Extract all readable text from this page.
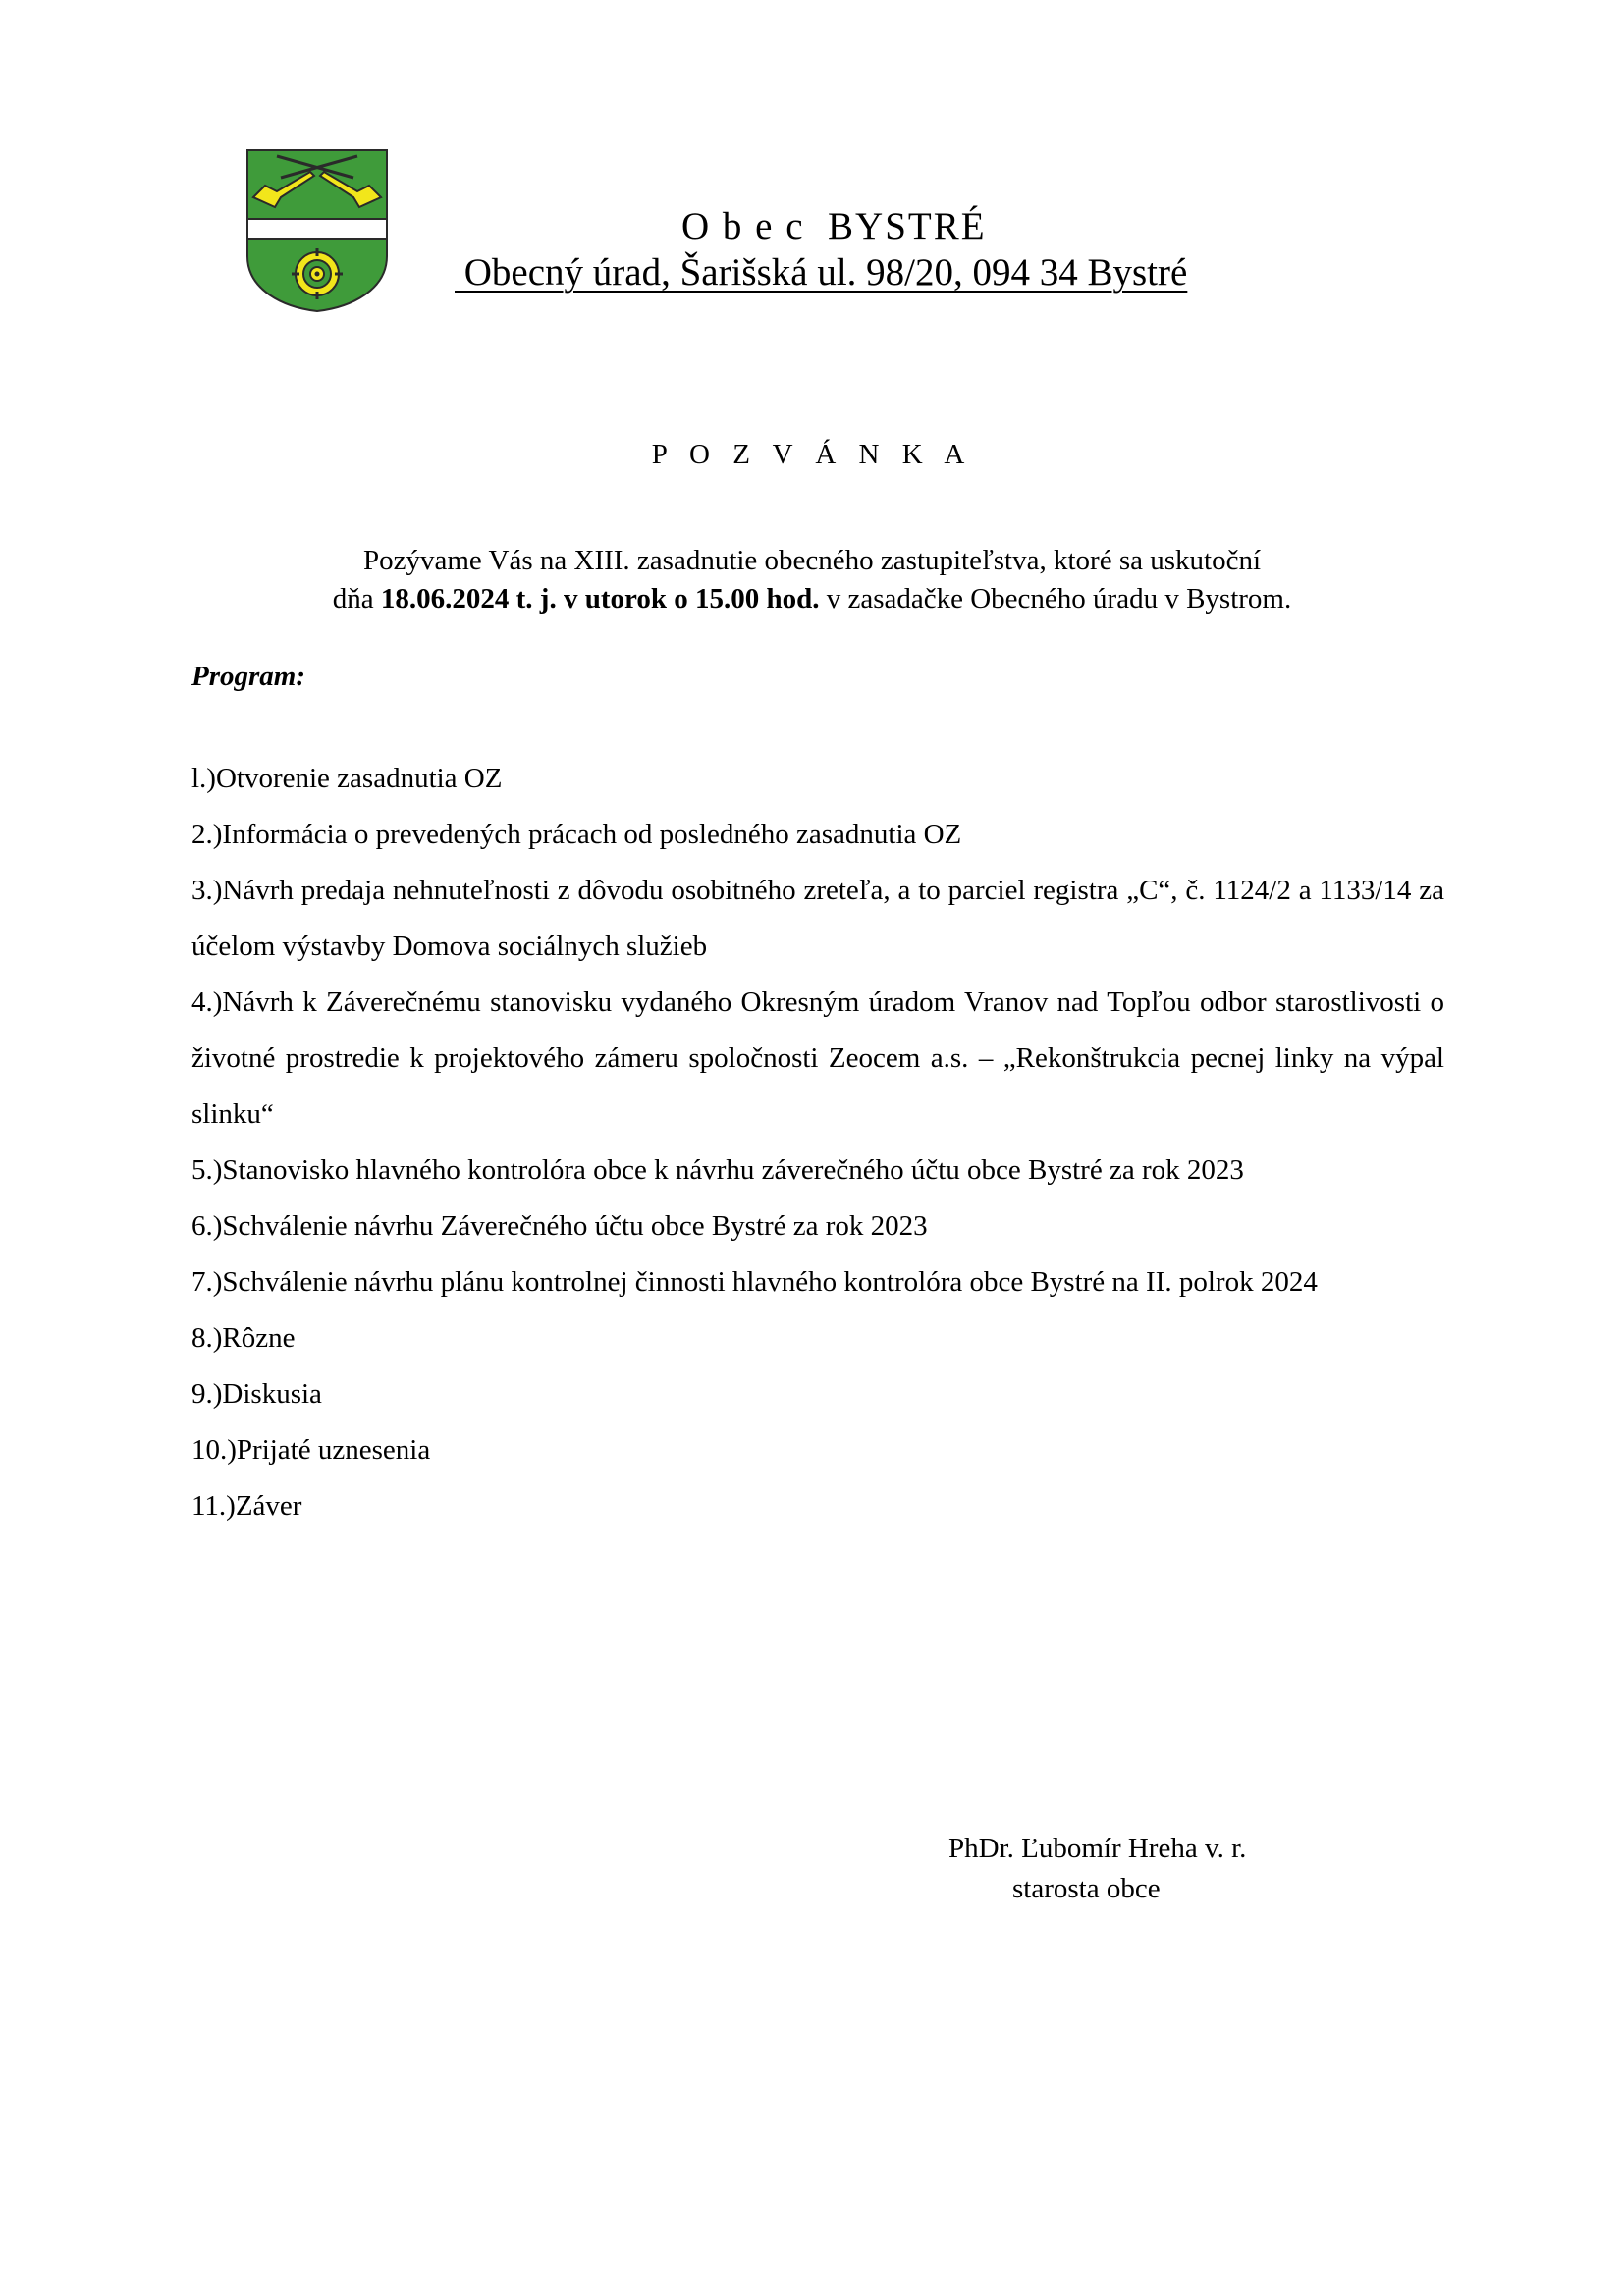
O b e c  BYSTRÉ
Obecný úrad, Šarišská ul. 98/20, 094 34 Bystré
P O Z V Á N K A
Pozývame Vás na XIII. zasadnutie obecného zastupiteľstva, ktoré sa uskutoční
dňa 18.06.2024 t. j. v utorok o 15.00 hod. v zasadačke Obecného úradu v Bystrom.
Program:
l.)Otvorenie zasadnutia OZ
2.)Informácia o prevedených prácach od posledného zasadnutia OZ
3.)Návrh predaja nehnuteľnosti z dôvodu osobitného zreteľa, a to parciel registra „C“, č. 1124/2 a 1133/14 za účelom výstavby Domova sociálnych služieb
4.)Návrh k Záverečnému stanovisku vydaného Okresným úradom Vranov nad Topľou odbor starostlivosti o životné prostredie k projektového zámeru spoločnosti Zeocem a.s. – „Rekonštrukcia pecnej linky na výpal slinku“
5.)Stanovisko hlavného kontrolóra obce k návrhu záverečného účtu obce Bystré za rok 2023
6.)Schválenie návrhu Záverečného účtu obce Bystré za rok 2023
7.)Schválenie návrhu plánu kontrolnej činnosti hlavného kontrolóra obce Bystré na II. polrok 2024
8.)Rôzne
9.)Diskusia
10.)Prijaté uznesenia
11.)Záver
PhDr. Ľubomír Hreha v. r.
starosta obce
